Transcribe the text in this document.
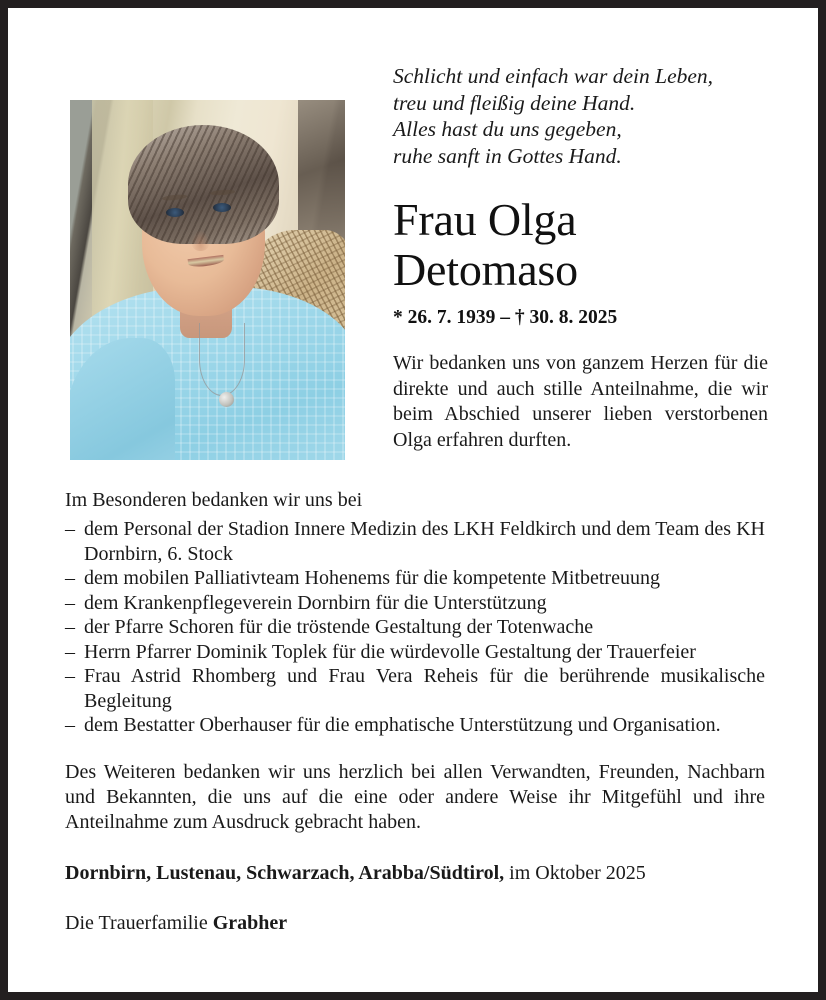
Schlicht und einfach war dein Leben,
treu und fleißig deine Hand.
Alles hast du uns gegeben,
ruhe sanft in Gottes Hand.
Frau Olga
Detomaso
* 26. 7. 1939 – † 30. 8. 2025
Wir bedanken uns von ganzem Herzen für die direkte und auch stille Anteilnahme, die wir beim Abschied unserer lieben verstorbenen Olga erfahren durften.
Im Besonderen bedanken wir uns bei
– dem Personal der Stadion Innere Medizin des LKH Feldkirch und dem Team des KH Dornbirn, 6. Stock
– dem mobilen Palliativteam Hohenems für die kompetente Mitbetreuung
– dem Krankenpflegeverein Dornbirn für die Unterstützung
– der Pfarre Schoren für die tröstende Gestaltung der Totenwache
– Herrn Pfarrer Dominik Toplek für die würdevolle Gestaltung der Trauerfeier
– Frau Astrid Rhomberg und Frau Vera Reheis für die berührende musikalische Begleitung
– dem Bestatter Oberhauser für die emphatische Unterstützung und Organisation.
Des Weiteren bedanken wir uns herzlich bei allen Verwandten, Freunden, Nachbarn und Bekannten, die uns auf die eine oder andere Weise ihr Mitgefühl und ihre Anteilnahme zum Ausdruck gebracht haben.
Dornbirn, Lustenau, Schwarzach, Arabba/Südtirol, im Oktober 2025
Die Trauerfamilie Grabher
